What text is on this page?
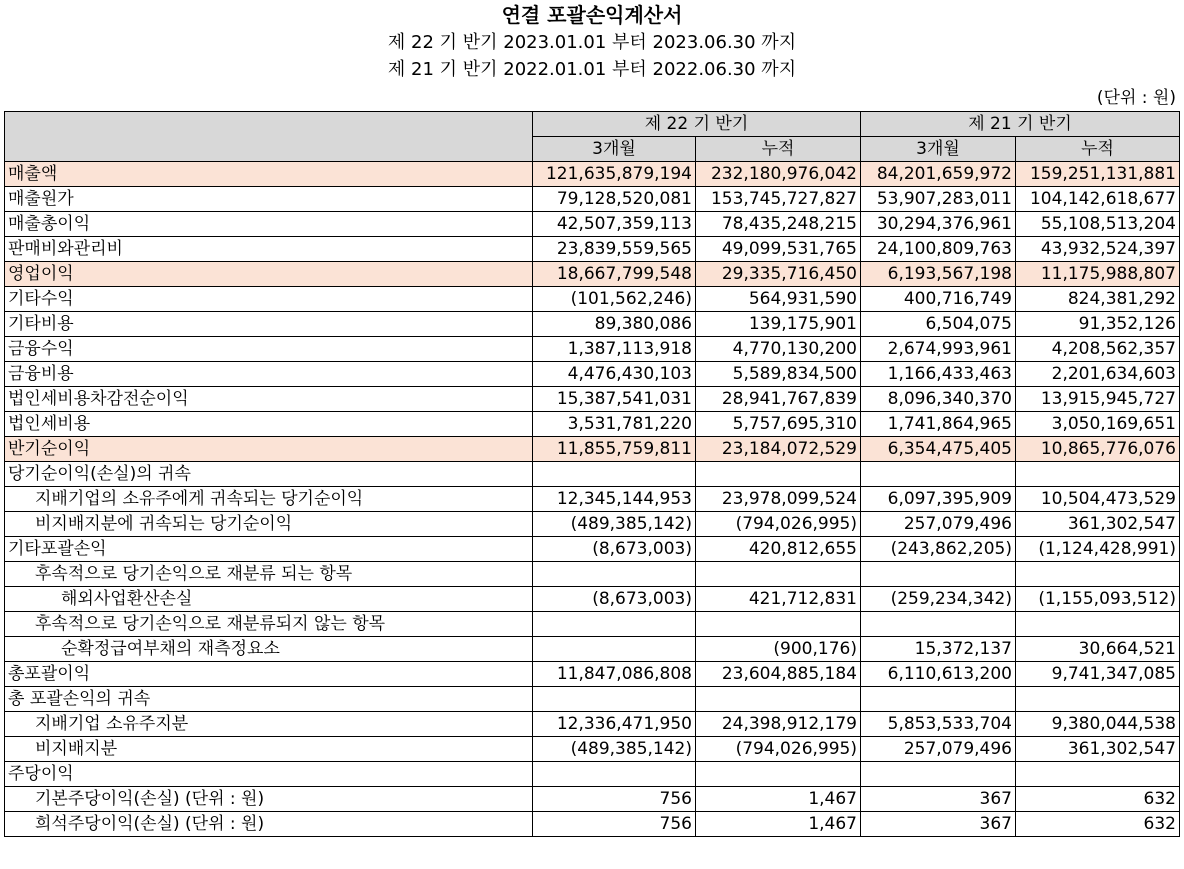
연결 포괄손익계산서
제 22 기 반기 2023.01.01 부터 2023.06.30 까지
제 21 기 반기 2022.01.01 부터 2022.06.30 까지
(단위 : 원)
	제 22 기 반기		제 21 기 반기	
	3개월	누적	3개월	누적
매출액	121,635,879,194	232,180,976,042	84,201,659,972	159,251,131,881
매출원가	79,128,520,081	153,745,727,827	53,907,283,011	104,142,618,677
매출총이익	42,507,359,113	78,435,248,215	30,294,376,961	55,108,513,204
판매비와관리비	23,839,559,565	49,099,531,765	24,100,809,763	43,932,524,397
영업이익	18,667,799,548	29,335,716,450	6,193,567,198	11,175,988,807
기타수익	(101,562,246)	564,931,590	400,716,749	824,381,292
기타비용	89,380,086	139,175,901	6,504,075	91,352,126
금융수익	1,387,113,918	4,770,130,200	2,674,993,961	4,208,562,357
금융비용	4,476,430,103	5,589,834,500	1,166,433,463	2,201,634,603
법인세비용차감전순이익	15,387,541,031	28,941,767,839	8,096,340,370	13,915,945,727
법인세비용	3,531,781,220	5,757,695,310	1,741,864,965	3,050,169,651
반기순이익	11,855,759,811	23,184,072,529	6,354,475,405	10,865,776,076
당기순이익(손실)의 귀속				
지배기업의 소유주에게 귀속되는 당기순이익	12,345,144,953	23,978,099,524	6,097,395,909	10,504,473,529
비지배지분에 귀속되는 당기순이익	(489,385,142)	(794,026,995)	257,079,496	361,302,547
기타포괄손익	(8,673,003)	420,812,655	(243,862,205)	(1,124,428,991)
후속적으로 당기손익으로 재분류 되는 항목				
해외사업환산손실	(8,673,003)	421,712,831	(259,234,342)	(1,155,093,512)
후속적으로 당기손익으로 재분류되지 않는 항목				
순확정급여부채의 재측정요소		(900,176)	15,372,137	30,664,521
총포괄이익	11,847,086,808	23,604,885,184	6,110,613,200	9,741,347,085
총 포괄손익의 귀속				
지배기업 소유주지분	12,336,471,950	24,398,912,179	5,853,533,704	9,380,044,538
비지배지분	(489,385,142)	(794,026,995)	257,079,496	361,302,547
주당이익				
기본주당이익(손실) (단위 : 원)	756	1,467	367	632
희석주당이익(손실) (단위 : 원)	756	1,467	367	632
